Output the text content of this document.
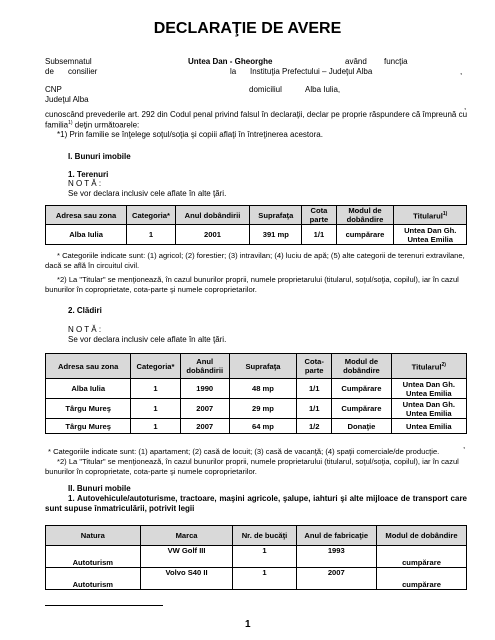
DECLARAŢIE DE AVERE
Subsemnatul	Untea Dan - Gheorghe	având funcţia
de consilier	la Instituţia Prefectului – Judeţul Alba	,
CNP	domiciliul	Alba Iulia,
Judeţul Alba
,
cunoscând prevederile art. 292 din Codul penal privind falsul în declaraţii, declar pe proprie răspundere că împreună cu
familia$^{1)}$ deţin următoarele:
*1) Prin familie se înţelege soţul/soţia şi copiii aflaţi în întreţinerea acestora.
I. Bunuri imobile
1. Terenuri
N O T Ă :
Se vor declara inclusiv cele aflate în alte ţări.
Adresa sau zona	Categoria*	Anul dobândirii	Suprafaţa	Cota parte	Modul de dobândire	Titularul$^{1)}$
Alba Iulia	1	2001	391 mp	1/1	cumpărare	Untea Dan Gh. Untea Emilia
* Categoriile indicate sunt: (1) agricol; (2) forestier; (3) intravilan; (4) luciu de apă; (5) alte categorii de terenuri extravilane, dacă se află în circuitul civil.
*2) La "Titular" se menţionează, în cazul bunurilor proprii, numele proprietarului (titularul, soţul/soţia, copilul), iar în cazul bunurilor în coproprietate, cota-parte şi numele coproprietarilor.
2. Clădiri
N O T Ă :
Se vor declara inclusiv cele aflate în alte ţări.
Adresa sau zona	Categoria*	Anul dobândirii	Suprafaţa	Cota- parte	Modul de dobândire	Titularul$^{2)}$
Alba Iulia	1	1990	48 mp	1/1	Cumpărare	Untea Dan Gh. Untea Emilia
Târgu Mureş	1	2007	29 mp	1/1	Cumpărare	Untea Dan Gh. Untea Emilia
Târgu Mureş	1	2007	64 mp	1/2	Donaţie	Untea Emilia
* Categoriile indicate sunt: (1) apartament; (2) casă de locuit; (3) casă de vacanţă; (4) spaţii comerciale/de producţie.
,
*2) La "Titular" se menţionează, în cazul bunurilor proprii, numele proprietarului (titularul, soţul/soţia, copilul), iar în cazul bunurilor în coproprietate, cota-parte şi numele coproprietarilor.
II. Bunuri mobile
1. Autovehicule/autoturisme, tractoare, maşini agricole, şalupe, iahturi şi alte mijloace de transport care sunt supuse înmatriculării, potrivit legii
Natura	Marca	Nr. de bucăţi	Anul de fabricaţie	Modul de dobândire
Autoturism	VW Golf III	1	1993	cumpărare
Autoturism	Volvo S40 II	1	2007	cumpărare
1
